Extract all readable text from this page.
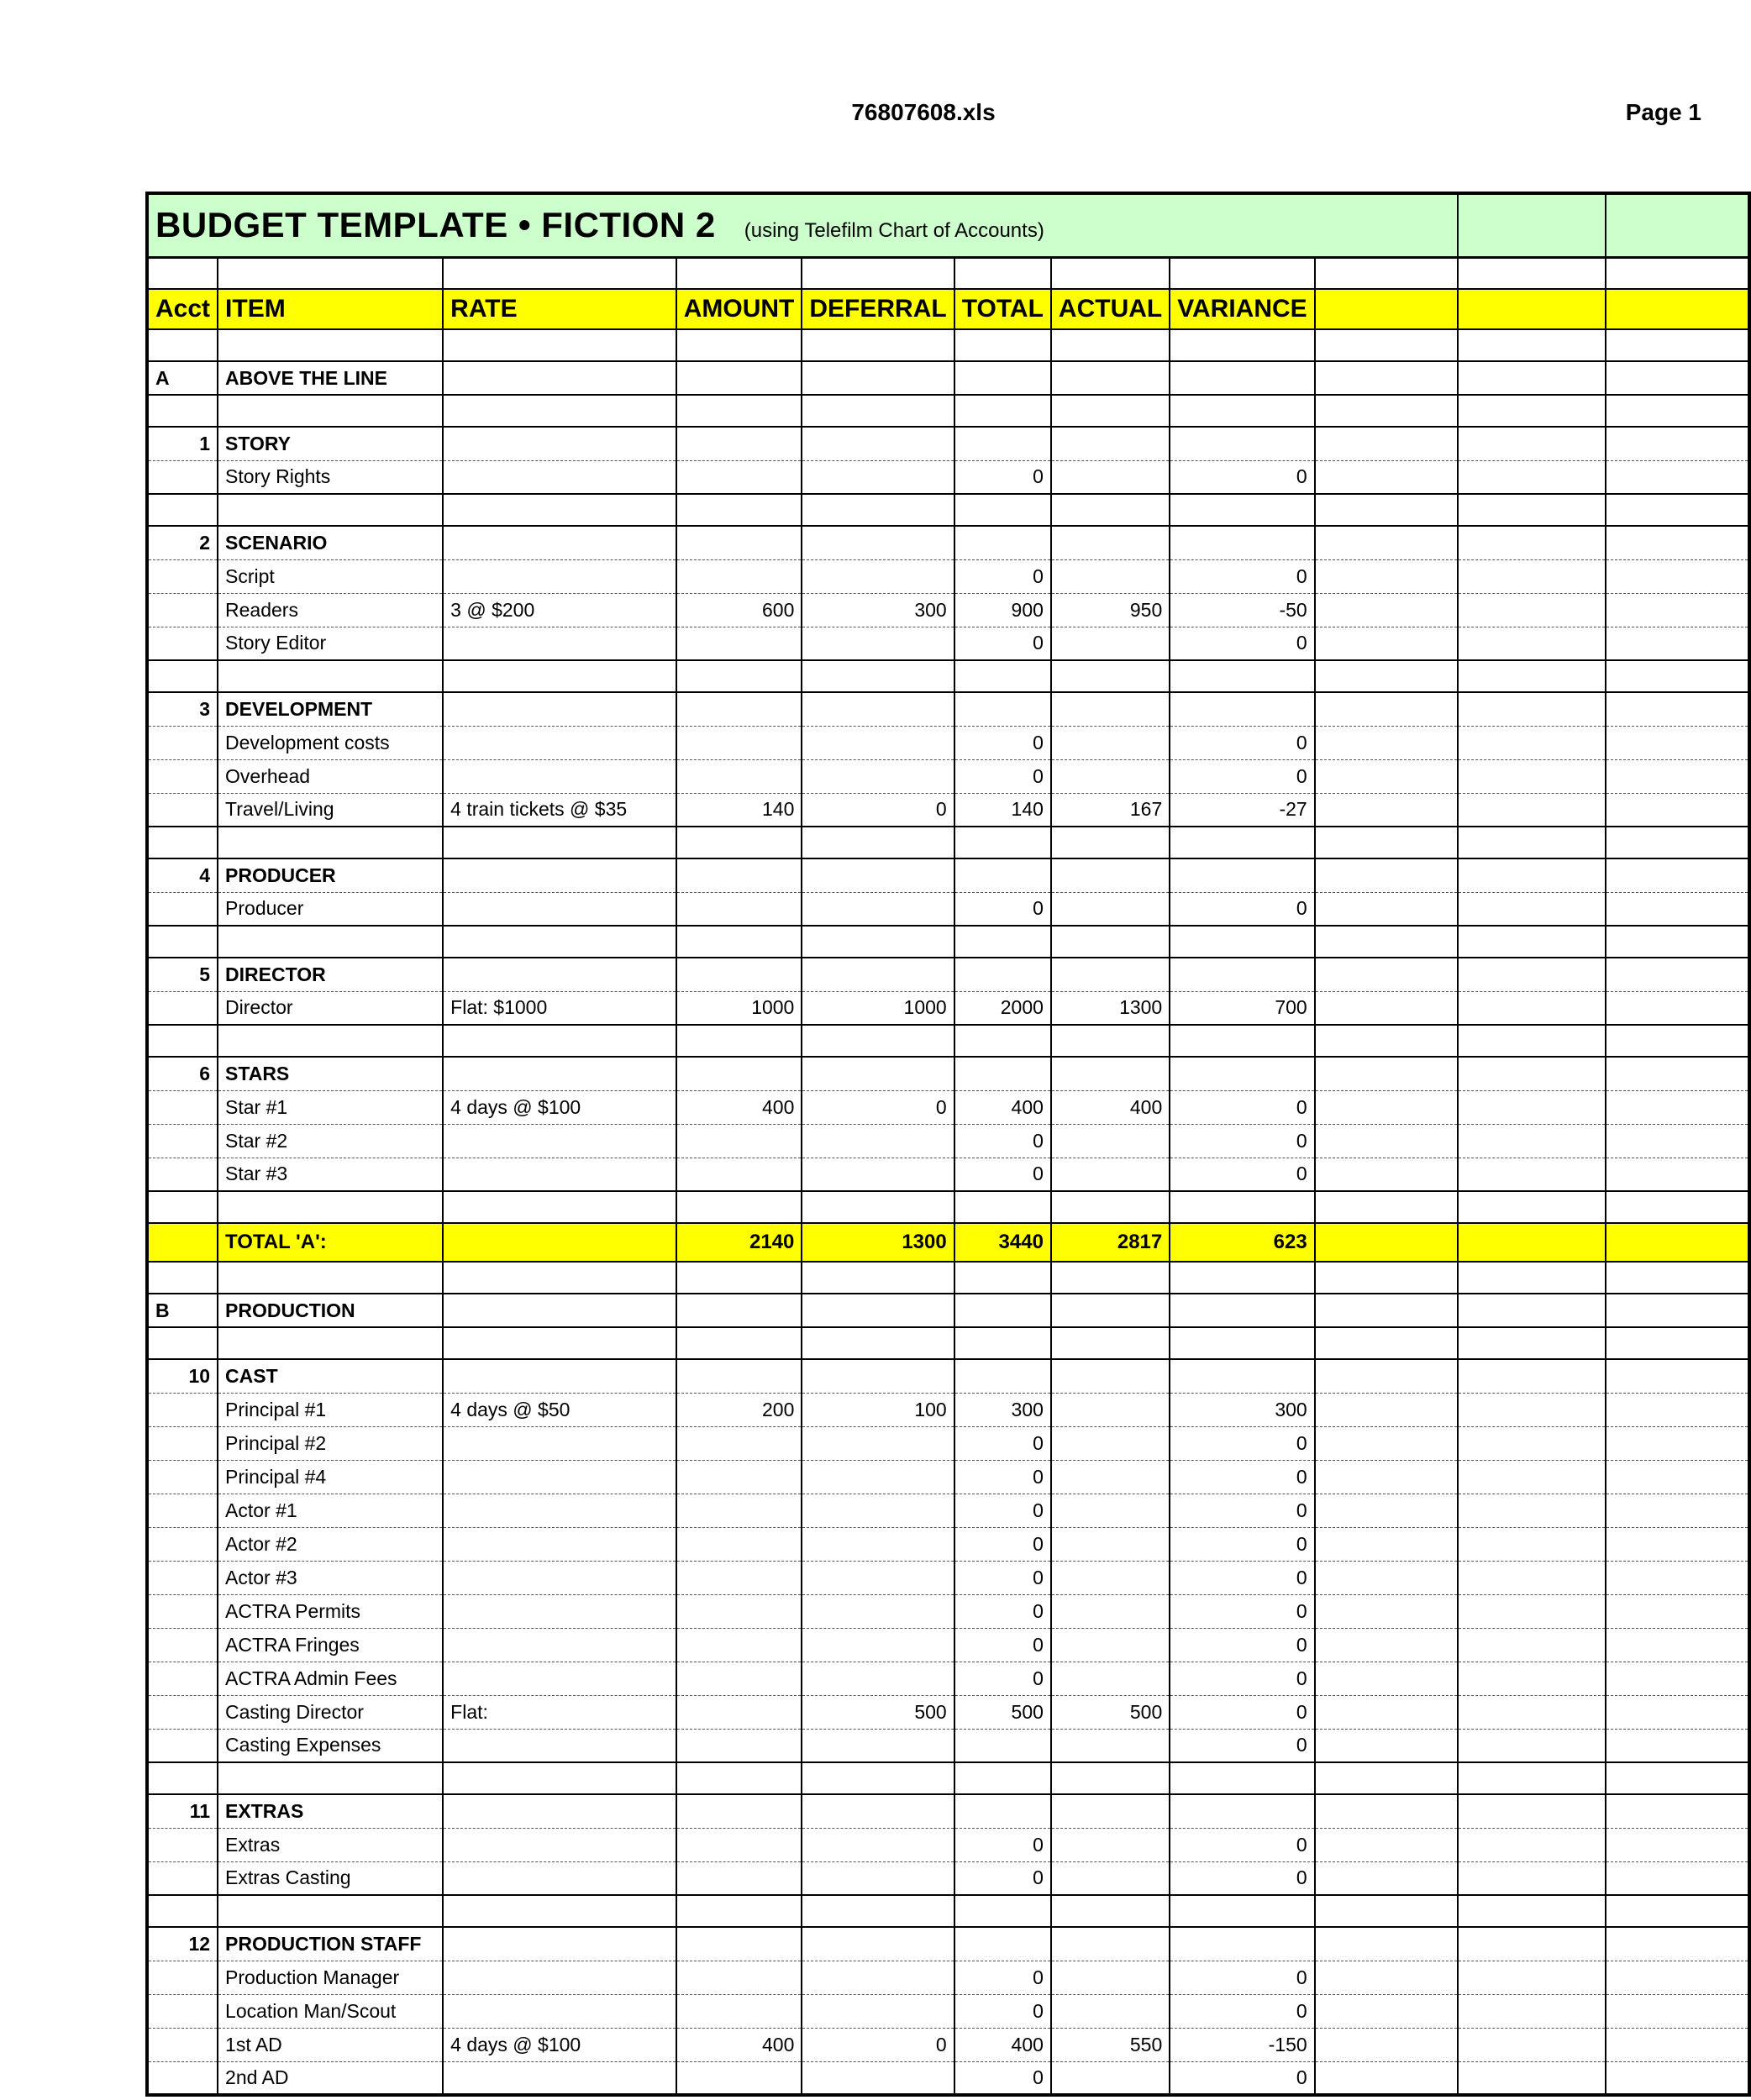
76807608.xls	Page 1
BUDGET TEMPLATE • FICTION 2 (using Telefilm Chart of Accounts)										

Acct	ITEM	RATE	AMOUNT	DEFERRAL	TOTAL	ACTUAL	VARIANCE			

A	ABOVE THE LINE									

1	STORY									
	Story Rights				0		0			

2	SCENARIO									
	Script				0		0			
	Readers	3 @ $200	600	300	900	950	-50			
	Story Editor				0		0			

3	DEVELOPMENT									
	Development costs				0		0			
	Overhead				0		0			
	Travel/Living	4 train tickets @ $35	140	0	140	167	-27			

4	PRODUCER									
	Producer				0		0			

5	DIRECTOR									
	Director	Flat: $1000	1000	1000	2000	1300	700			

6	STARS									
	Star #1	4 days @ $100	400	0	400	400	0			
	Star #2				0		0			
	Star #3				0		0			

	TOTAL 'A':		2140	1300	3440	2817	623			

B	PRODUCTION									

10	CAST									
	Principal #1	4 days @ $50	200	100	300		300			
	Principal #2				0		0			
	Principal #4				0		0			
	Actor #1				0		0			
	Actor #2				0		0			
	Actor #3				0		0			
	ACTRA Permits				0		0			
	ACTRA Fringes				0		0			
	ACTRA Admin Fees				0		0			
	Casting Director	Flat:		500	500	500	0			
	Casting Expenses						0			

11	EXTRAS									
	Extras				0		0			
	Extras Casting				0		0			

12	PRODUCTION STAFF									
	Production Manager				0		0			
	Location Man/Scout				0		0			
	1st AD	4 days @ $100	400	0	400	550	-150			
	2nd AD				0		0			
